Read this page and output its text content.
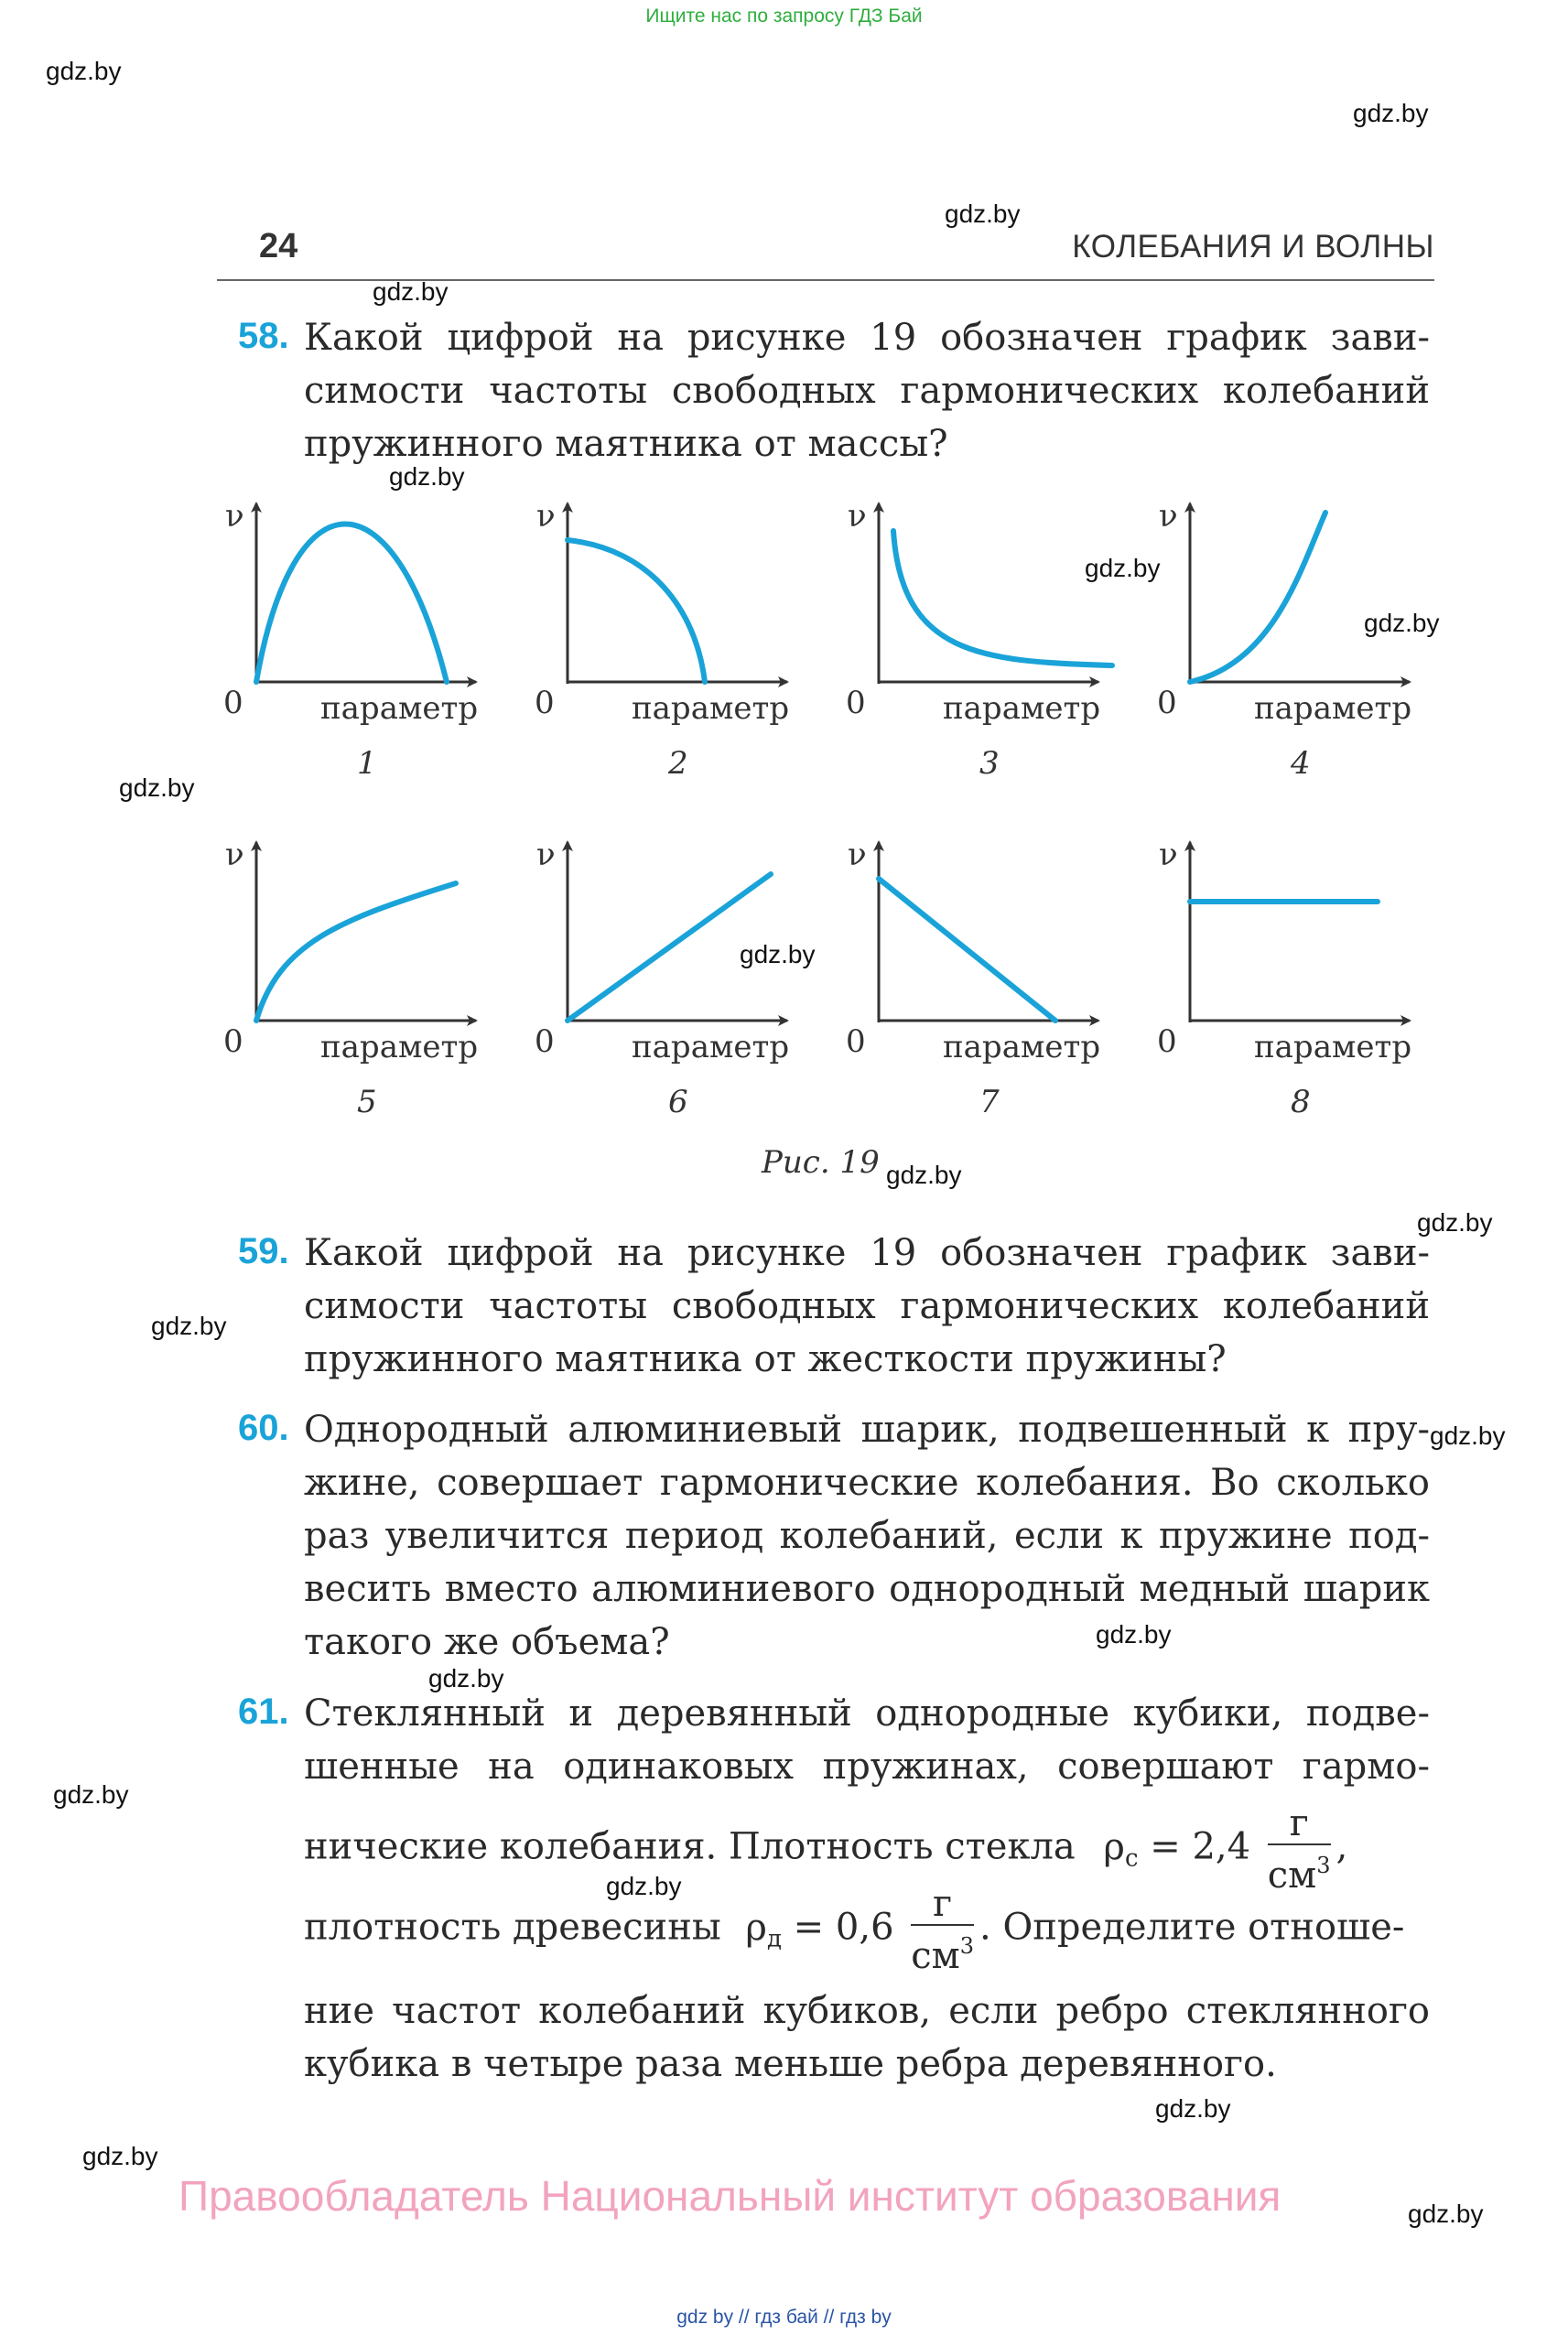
Ищите нас по запросу ГДЗ Бай
gdz.by
gdz.by
gdz.by
gdz.by
gdz.by
gdz.by
gdz.by
gdz.by
gdz.by
gdz.by
gdz.by
gdz.by
gdz.by
gdz.by
gdz.by
gdz.by
gdz.by
gdz.by
gdz.by
gdz.by
24	КОЛЕБАНИЯ И ВОЛНЫ
58. Какой цифрой на рисунке 19 обозначен график зави-
симости частоты свободных гармонических колебаний
пружинного маятника от массы?
ν
0 параметр
1
ν
0 параметр
2
ν
0 параметр
3
ν
0 параметр
4
ν
0 параметр
5
ν
0 параметр
6
ν
0 параметр
7
ν
0 параметр
8
Рис. 19
59. Какой цифрой на рисунке 19 обозначен график зави-
симости частоты свободных гармонических колебаний
пружинного маятника от жесткости пружины?
60. Однородный алюминиевый шарик, подвешенный к пру-
жине, совершает гармонические колебания. Во сколько
раз увеличится период колебаний, если к пружине под-
весить вместо алюминиевого однородный медный шарик
такого же объема?
61. Стеклянный и деревянный однородные кубики, подве-
шенные на одинаковых пружинах, совершают гармо-
нические колебания. Плотность стекла $\rho_с = 2,4 \frac{г}{см^3}$ ,
плотность древесины $\rho_д = 0,6 \frac{г}{см^3}$ . Определите отноше-
ние частот колебаний кубиков, если ребро стеклянного
кубика в четыре раза меньше ребра деревянного.
Правообладатель Национальный институт образования
gdz by // гдз бай // гдз by
